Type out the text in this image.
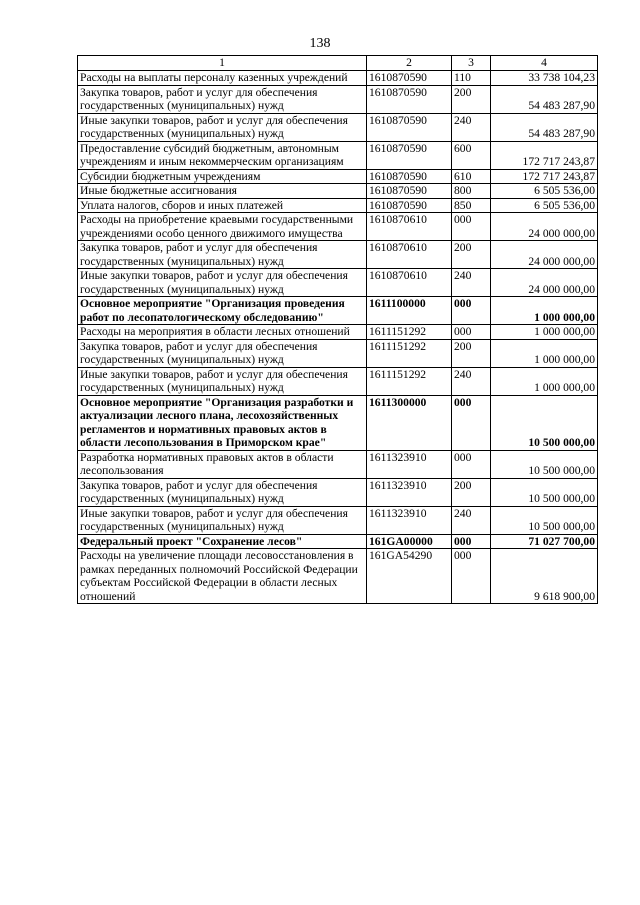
138
1	2	3	4
Расходы на выплаты персоналу казенных учреждений	1610870590	110	33 738 104,23
Закупка товаров, работ и услуг для обеспечения государственных (муниципальных) нужд	1610870590	200	54 483 287,90
Иные закупки товаров, работ и услуг для обеспечения государственных (муниципальных) нужд	1610870590	240	54 483 287,90
Предоставление субсидий бюджетным, автономным учреждениям и иным некоммерческим организациям	1610870590	600	172 717 243,87
Субсидии бюджетным учреждениям	1610870590	610	172 717 243,87
Иные бюджетные ассигнования	1610870590	800	6 505 536,00
Уплата налогов, сборов и иных платежей	1610870590	850	6 505 536,00
Расходы на приобретение краевыми государственными учреждениями особо ценного движимого имущества	1610870610	000	24 000 000,00
Закупка товаров, работ и услуг для обеспечения государственных (муниципальных) нужд	1610870610	200	24 000 000,00
Иные закупки товаров, работ и услуг для обеспечения государственных (муниципальных) нужд	1610870610	240	24 000 000,00
Основное мероприятие "Организация проведения работ по лесопатологическому обследованию"	1611100000	000	1 000 000,00
Расходы на мероприятия в области лесных отношений	1611151292	000	1 000 000,00
Закупка товаров, работ и услуг для обеспечения государственных (муниципальных) нужд	1611151292	200	1 000 000,00
Иные закупки товаров, работ и услуг для обеспечения государственных (муниципальных) нужд	1611151292	240	1 000 000,00
Основное мероприятие "Организация разработки и актуализации лесного плана, лесохозяйственных регламентов и нормативных правовых актов в области лесопользования в Приморском крае"	1611300000	000	10 500 000,00
Разработка нормативных правовых актов в области лесопользования	1611323910	000	10 500 000,00
Закупка товаров, работ и услуг для обеспечения государственных (муниципальных) нужд	1611323910	200	10 500 000,00
Иные закупки товаров, работ и услуг для обеспечения государственных (муниципальных) нужд	1611323910	240	10 500 000,00
Федеральный проект "Сохранение лесов"	161GA00000	000	71 027 700,00
Расходы на увеличение площади лесовосстановления в рамках переданных полномочий Российской Федерации субъектам Российской Федерации в области лесных отношений	161GA54290	000	9 618 900,00
